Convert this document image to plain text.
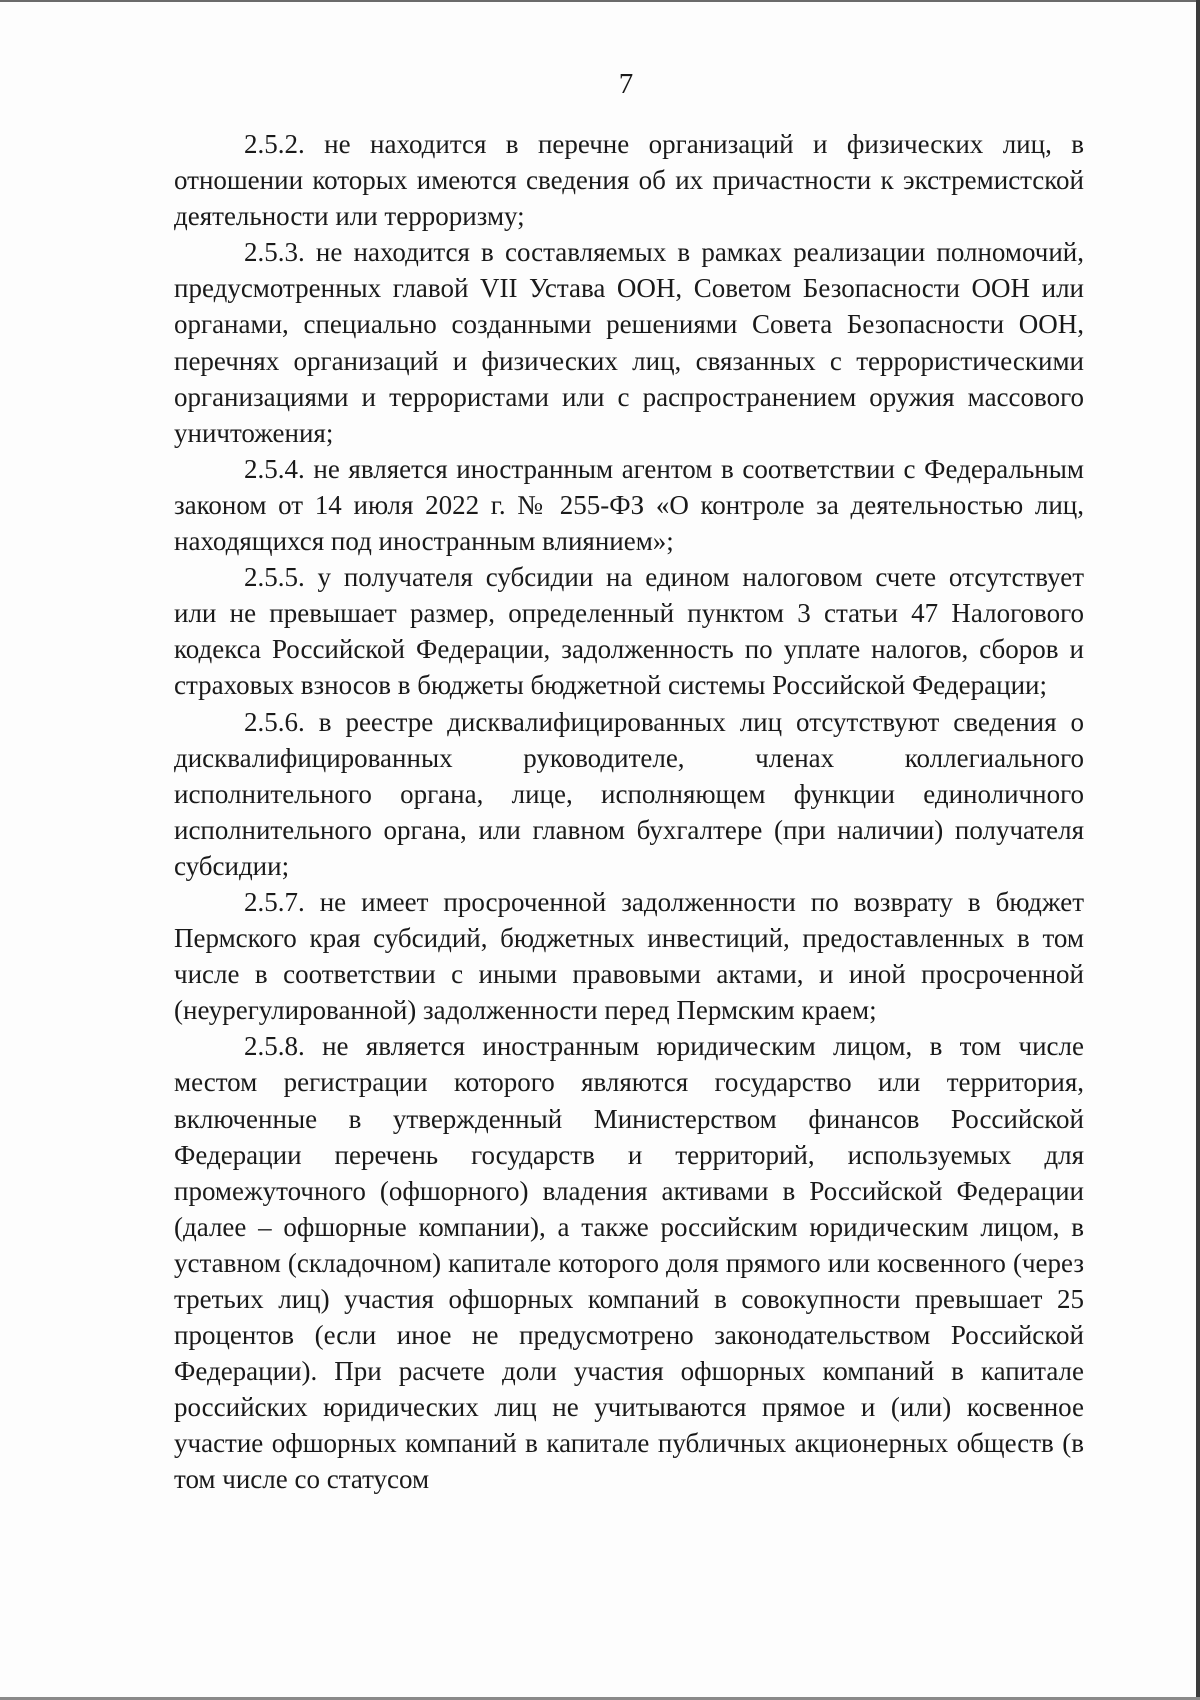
7

2.5.2. не находится в перечне организаций и физических лиц, в отношении которых имеются сведения об их причастности к экстремистской деятельности или терроризму;

2.5.3. не находится в составляемых в рамках реализации полномочий, предусмотренных главой VII Устава ООН, Советом Безопасности ООН или органами, специально созданными решениями Совета Безопасности ООН, перечнях организаций и физических лиц, связанных с террористическими организациями и террористами или с распространением оружия массового уничтожения;

2.5.4. не является иностранным агентом в соответствии с Федеральным законом от 14 июля 2022 г. № 255-ФЗ «О контроле за деятельностью лиц, находящихся под иностранным влиянием»;

2.5.5. у получателя субсидии на едином налоговом счете отсутствует или не превышает размер, определенный пунктом 3 статьи 47 Налогового кодекса Российской Федерации, задолженность по уплате налогов, сборов и страховых взносов в бюджеты бюджетной системы Российской Федерации;

2.5.6. в реестре дисквалифицированных лиц отсутствуют сведения о дисквалифицированных руководителе, членах коллегиального исполнительного органа, лице, исполняющем функции единоличного исполнительного органа, или главном бухгалтере (при наличии) получателя субсидии;

2.5.7. не имеет просроченной задолженности по возврату в бюджет Пермского края субсидий, бюджетных инвестиций, предоставленных в том числе в соответствии с иными правовыми актами, и иной просроченной (неурегулированной) задолженности перед Пермским краем;

2.5.8. не является иностранным юридическим лицом, в том числе местом регистрации которого являются государство или территория, включенные в утвержденный Министерством финансов Российской Федерации перечень государств и территорий, используемых для промежуточного (офшорного) владения активами в Российской Федерации (далее – офшорные компании), а также российским юридическим лицом, в уставном (складочном) капитале которого доля прямого или косвенного (через третьих лиц) участия офшорных компаний в совокупности превышает 25 процентов (если иное не предусмотрено законодательством Российской Федерации). При расчете доли участия офшорных компаний в капитале российских юридических лиц не учитываются прямое и (или) косвенное участие офшорных компаний в капитале публичных акционерных обществ (в том числе со статусом
